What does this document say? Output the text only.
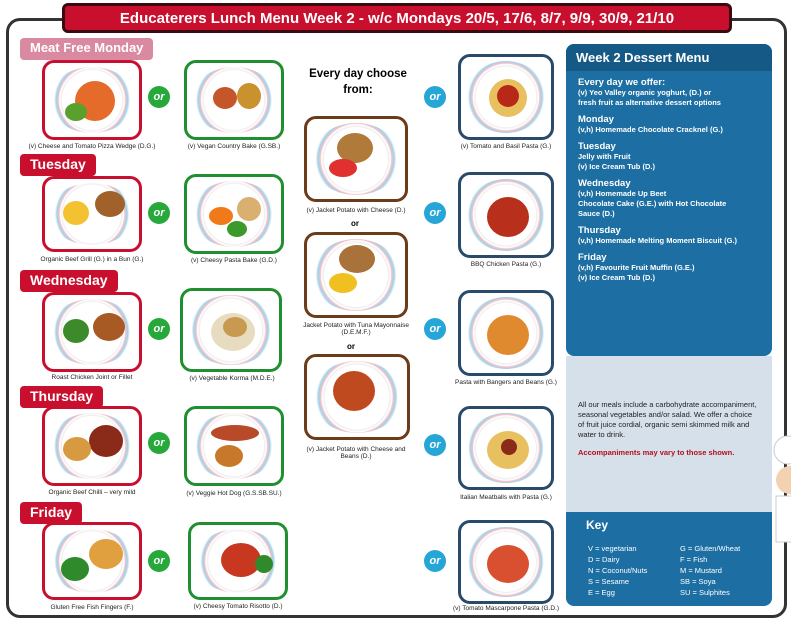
Educaterers Lunch Menu Week 2 - w/c Mondays 20/5, 17/6, 8/7, 9/9, 30/9, 21/10
Meat Free Monday
Tuesday
Wednesday
Thursday
Friday
(v) Cheese and Tomato Pizza Wedge (D.G.)
or
(v) Vegan Country Bake (G.SB.)
or
(v) Tomato and Basil Pasta (G.)
Organic Beef Grill (G.) in a Bun (G.)
or
(v) Cheesy Pasta Bake (G.D.)
or
BBQ Chicken Pasta (G.)
Roast Chicken Joint or Fillet
or
(v) Vegetable Korma (M.D.E.)
or
Pasta with Bangers and Beans (G.)
Organic Beef Chilli – very mild
or
(v) Veggie Hot Dog (G.S.SB.SU.)
or
Italian Meatballs with Pasta (G.)
Gluten Free Fish Fingers (F.)
or
(v) Cheesy Tomato Risotto (D.)
or
(v) Tomato Mascarpone Pasta (G.D.)
Every day choose from:
(v) Jacket Potato with Cheese (D.)
or
Jacket Potato with Tuna Mayonnaise (D.E.M.F.)
or
(v) Jacket Potato with Cheese and Beans (D.)
Week 2 Dessert Menu
Every day we offer:
(v) Yeo Valley organic yoghurt, (D.) or
fresh fruit as alternative dessert options
Monday
(v,h) Homemade Chocolate Cracknel (G.)
Tuesday
Jelly with Fruit
(v) Ice Cream Tub (D.)
Wednesday
(v,h) Homemade Up Beet
Chocolate Cake (G.E.) with Hot Chocolate
Sauce (D.)
Thursday
(v,h) Homemade Melting Moment Biscuit (G.)
Friday
(v,h) Favourite Fruit Muffin (G.E.)
(v) Ice Cream Tub (D.)

All our meals include a carbohydrate accompaniment, seasonal vegetables and/or salad. We offer a choice of fruit juice cordial, organic semi skimmed milk and water to drink.

Accompaniments may vary to those shown.

Key
V = vegetarian
D = Dairy
N = Coconut/Nuts
S = Sesame
E = Egg
G = Gluten/Wheat
F = Fish
M = Mustard
SB = Soya
SU = Sulphites
